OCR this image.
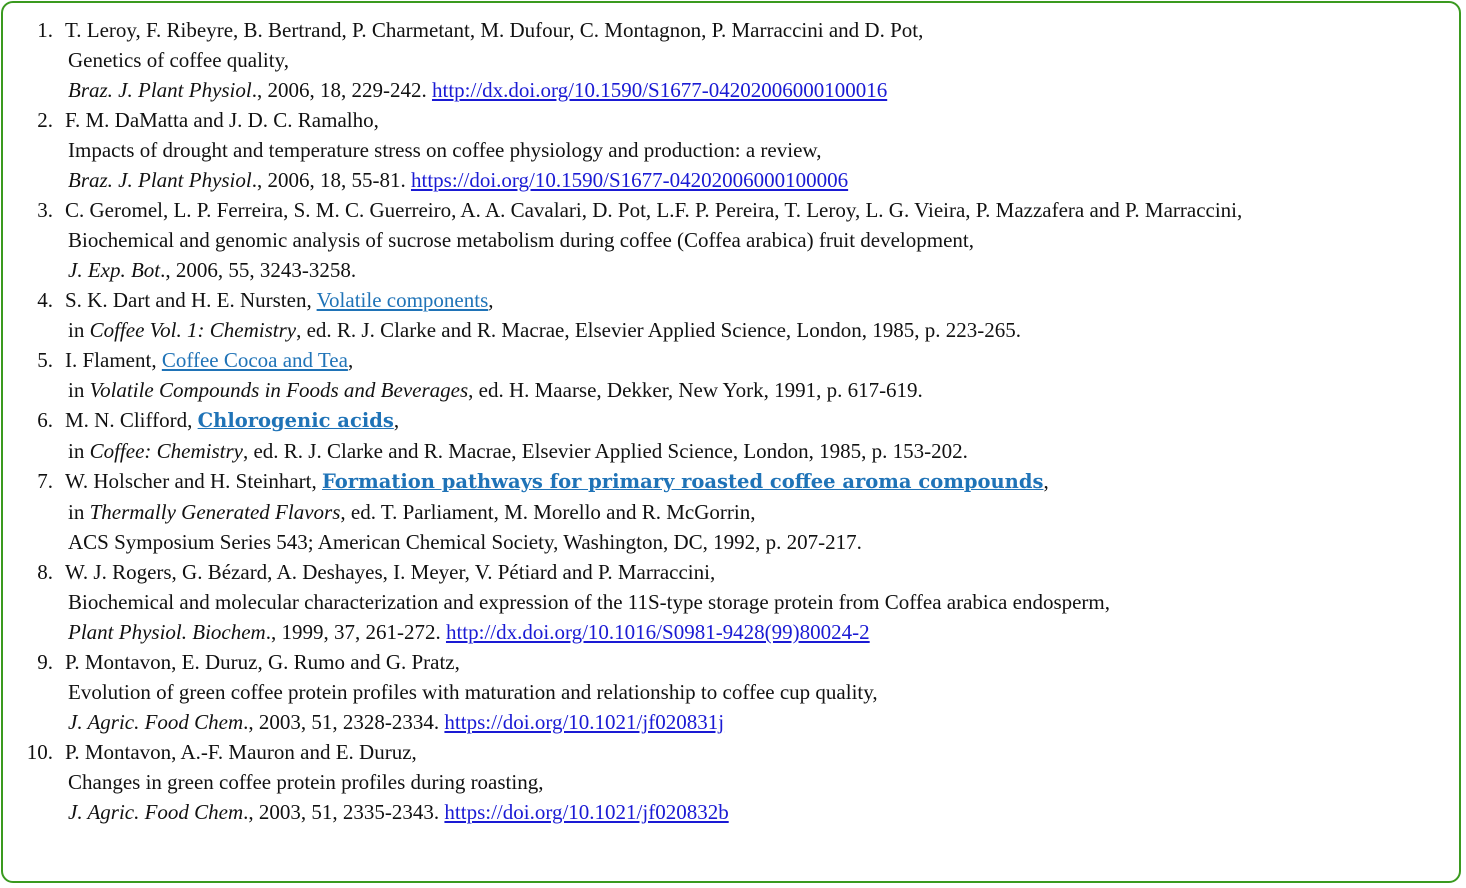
1. T. Leroy, F. Ribeyre, B. Bertrand, P. Charmetant, M. Dufour, C. Montagnon, P. Marraccini and D. Pot,
Genetics of coffee quality,
Braz. J. Plant Physiol., 2006, 18, 229-242. http://dx.doi.org/10.1590/S1677-04202006000100016
2. F. M. DaMatta and J. D. C. Ramalho,
Impacts of drought and temperature stress on coffee physiology and production: a review,
Braz. J. Plant Physiol., 2006, 18, 55-81. https://doi.org/10.1590/S1677-04202006000100006
3. C. Geromel, L. P. Ferreira, S. M. C. Guerreiro, A. A. Cavalari, D. Pot, L.F. P. Pereira, T. Leroy, L. G. Vieira, P. Mazzafera and P. Marraccini,
Biochemical and genomic analysis of sucrose metabolism during coffee (Coffea arabica) fruit development,
J. Exp. Bot., 2006, 55, 3243-3258.
4. S. K. Dart and H. E. Nursten, Volatile components,
in Coffee Vol. 1: Chemistry, ed. R. J. Clarke and R. Macrae, Elsevier Applied Science, London, 1985, p. 223-265.
5. I. Flament, Coffee Cocoa and Tea,
in Volatile Compounds in Foods and Beverages, ed. H. Maarse, Dekker, New York, 1991, p. 617-619.
6. M. N. Clifford, Chlorogenic acids,
in Coffee: Chemistry, ed. R. J. Clarke and R. Macrae, Elsevier Applied Science, London, 1985, p. 153-202.
7. W. Holscher and H. Steinhart, Formation pathways for primary roasted coffee aroma compounds,
in Thermally Generated Flavors, ed. T. Parliament, M. Morello and R. McGorrin,
ACS Symposium Series 543; American Chemical Society, Washington, DC, 1992, p. 207-217.
8. W. J. Rogers, G. Bézard, A. Deshayes, I. Meyer, V. Pétiard and P. Marraccini,
Biochemical and molecular characterization and expression of the 11S-type storage protein from Coffea arabica endosperm,
Plant Physiol. Biochem., 1999, 37, 261-272. http://dx.doi.org/10.1016/S0981-9428(99)80024-2
9. P. Montavon, E. Duruz, G. Rumo and G. Pratz,
Evolution of green coffee protein profiles with maturation and relationship to coffee cup quality,
J. Agric. Food Chem., 2003, 51, 2328-2334. https://doi.org/10.1021/jf020831j
10. P. Montavon, A.-F. Mauron and E. Duruz,
Changes in green coffee protein profiles during roasting,
J. Agric. Food Chem., 2003, 51, 2335-2343. https://doi.org/10.1021/jf020832b
